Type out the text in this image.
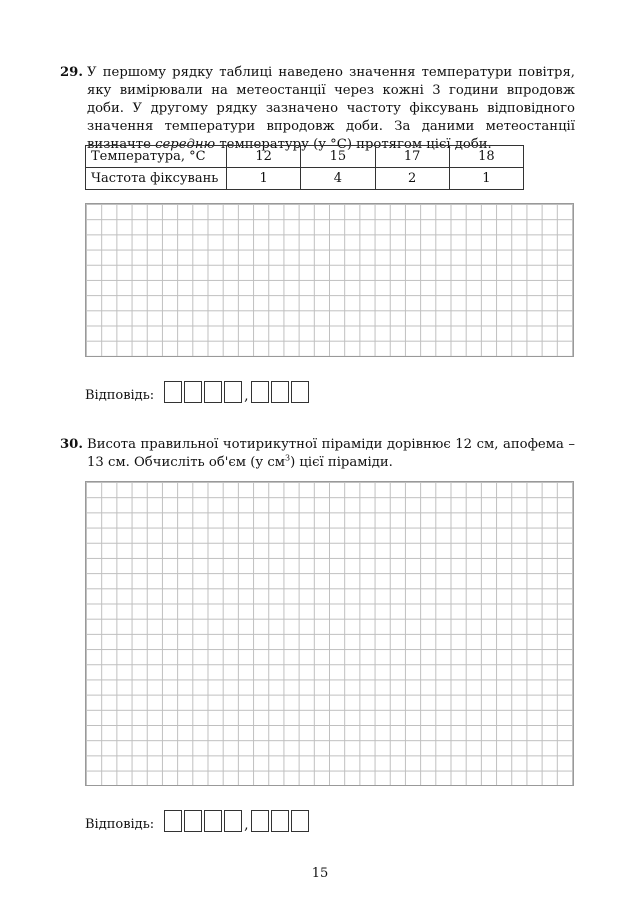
29. У першому рядку таблиці наведено значення температури повітря, яку вимірювали на метеостанції через кожні 3 години впродовж доби. У другому рядку зазначено частоту фіксувань відповідного значення температури впродовж доби. За даними метеостанції визначте середню температуру (у °С) протягом цієї доби.

Температура, °С	12	15	17	18
Частота фіксувань	1	4	2	1
Відповідь:	,
30. Висота правильної чотирикутної піраміди дорівнює 12 см, апофема – 13 см. Обчисліть об'єм (у $см^3$) цієї піраміди.

Відповідь:	,
15
